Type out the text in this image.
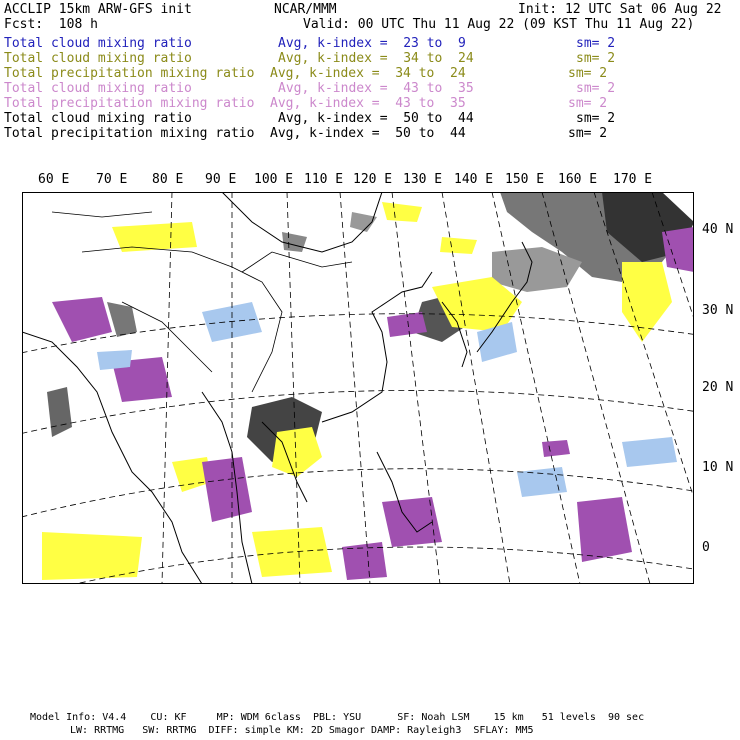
ACCLIP 15km ARW-GFS init	NCAR/MMM	Init: 12 UTC Sat 06 Aug 22
Fcst:  108 h	Valid: 00 UTC Thu 11 Aug 22 (09 KST Thu 11 Aug 22)
Total cloud mixing ratio	Avg, k-index =  23 to  9	sm= 2
Total cloud mixing ratio	Avg, k-index =  34 to  24	sm= 2
Total precipitation mixing ratio Avg, k-index =  34 to  24	sm= 2
Total cloud mixing ratio	Avg, k-index =  43 to  35	sm= 2
Total precipitation mixing ratio Avg, k-index =  43 to  35	sm= 2
Total cloud mixing ratio	Avg, k-index =  50 to  44	sm= 2
Total precipitation mixing ratio Avg, k-index =  50 to  44	sm= 2
60 E 70 E 80 E 90 E 100 E 110 E 120 E 130 E 140 E 150 E 160 E 170 E
40 N
30 N
20 N
10 N
0
Model Info: V4.4    CU: KF     MP: WDM 6class  PBL: YSU      SF: Noah LSM    15 km   51 levels  90 sec
LW: RRTMG   SW: RRTMG  DIFF: simple KM: 2D Smagor DAMP: Rayleigh3  SFLAY: MM5
